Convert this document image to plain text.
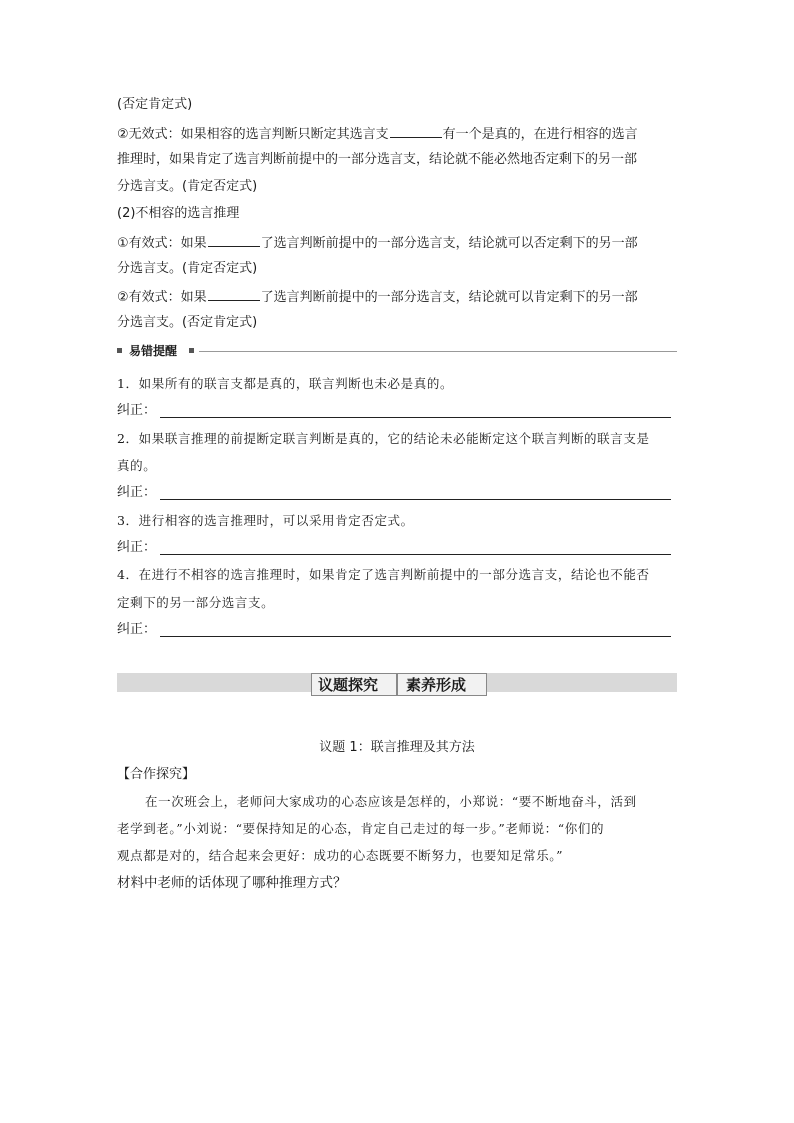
(否定肯定式)
②无效式：如果相容的选言判断只断定其选言支	有一个是真的，在进行相容的选言
推理时，如果肯定了选言判断前提中的一部分选言支，结论就不能必然地否定剩下的另一部
分选言支。(肯定否定式)
(2)不相容的选言推理
①有效式：如果	了选言判断前提中的一部分选言支，结论就可以否定剩下的另一部
分选言支。(肯定否定式)
②有效式：如果	了选言判断前提中的一部分选言支，结论就可以肯定剩下的另一部
分选言支。(否定肯定式)
易错提醒
1．如果所有的联言支都是真的，联言判断也未必是真的。
纠正：
2．如果联言推理的前提断定联言判断是真的，它的结论未必能断定这个联言判断的联言支是
真的。
纠正：
3．进行相容的选言推理时，可以采用肯定否定式。
纠正：
4．在进行不相容的选言推理时，如果肯定了选言判断前提中的一部分选言支，结论也不能否
定剩下的另一部分选言支。
纠正：
议题探究 素养形成
议题 1：联言推理及其方法
【合作探究】
在一次班会上，老师问大家成功的心态应该是怎样的，小郑说：“要不断地奋斗，活到
老学到老。”小刘说：“要保持知足的心态，肯定自己走过的每一步。”老师说：“你们的
观点都是对的，结合起来会更好：成功的心态既要不断努力，也要知足常乐。”
材料中老师的话体现了哪种推理方式？
